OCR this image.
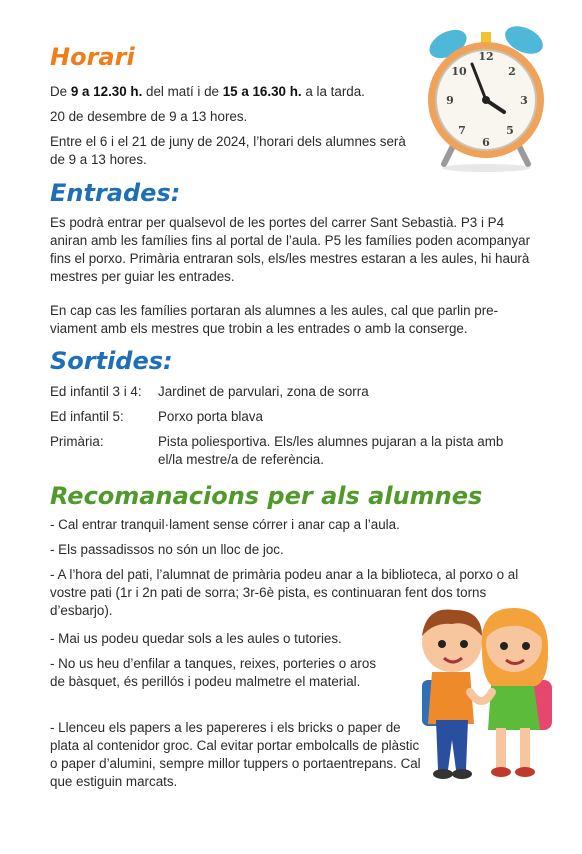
Horari

De 9 a 12.30 h. del matí i de 15 a 16.30 h. a la tarda.

20 de desembre de 9 a 13 hores.

Entre el 6 i el 21 de juny de 2024, l’horari dels alumnes serà de 9 a 13 hores.

12
2
3
5
6
7
9
10
Entrades:

Es podrà entrar per qualsevol de les portes del carrer Sant Sebastià. P3 i P4 aniran amb les famílies fins al portal de l’aula. P5 les famílies poden acompanyar fins el porxo. Primària entraran sols, els/les mestres estaran a les aules, hi haurà mestres per guiar les entrades.

En cap cas les famílies portaran als alumnes a les aules, cal que parlin pre-viament amb els mestres que trobin a les entrades o amb la conserge.

Sortides:
Ed infantil 3 i 4: Jardinet de parvulari, zona de sorra
Ed infantil 5:	Porxo porta blava
Primària:	Pista poliesportiva. Els/les alumnes pujaran a la pista amb el/la mestre/a de referència.
Recomanacions per als alumnes

- Cal entrar tranquil·lament sense córrer i anar cap a l’aula.

- Els passadissos no són un lloc de joc.

- A l’hora del pati, l’alumnat de primària podeu anar a la biblioteca, al porxo o al vostre pati (1r i 2n pati de sorra; 3r-6è pista, es continuaran fent dos torns d’esbarjo).

- Mai us podeu quedar sols a les aules o tutories.

- No us heu d’enfilar a tanques, reixes, porteries o aros de bàsquet, és perillós i podeu malmetre el material.

- Llenceu els papers a les papereres i els bricks o paper de plata al contenidor groc. Cal evitar portar embolcalls de plàstic o paper d’alumini, sempre millor tuppers o portaentrepans. Cal que estiguin marcats.
